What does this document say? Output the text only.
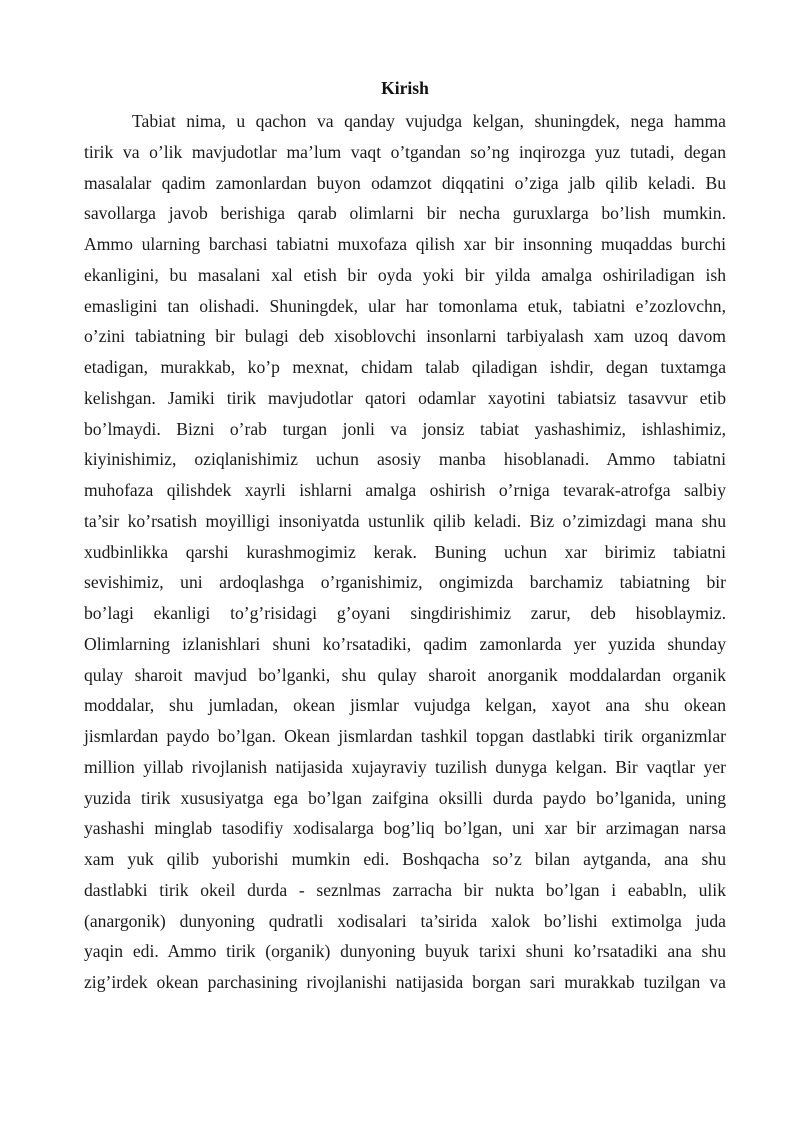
Kirish
Tabiat nima, u qachon va qanday vujudga kelgan, shuningdek, nega hamma
tirik va o’lik mavjudotlar ma’lum vaqt o’tgandan so’ng inqirozga yuz tutadi, degan
masalalar qadim zamonlardan buyon odamzot diqqatini o’ziga jalb qilib keladi. Bu
savollarga javob berishiga qarab olimlarni bir necha guruxlarga bo’lish mumkin.
Ammo ularning barchasi tabiatni muxofaza qilish xar bir insonning muqaddas burchi
ekanligini, bu masalani xal etish bir oyda yoki bir yilda amalga oshiriladigan ish
emasligini tan olishadi. Shuningdek, ular har tomonlama etuk, tabiatni e’zozlovchn,
o’zini tabiatning bir bulagi deb xisoblovchi insonlarni tarbiyalash xam uzoq davom
etadigan, murakkab, ko’p mexnat, chidam talab qiladigan ishdir, degan tuxtamga
kelishgan. Jamiki tirik mavjudotlar qatori odamlar xayotini tabiatsiz tasavvur etib
bo’lmaydi. Bizni o’rab turgan jonli va jonsiz tabiat yashashimiz, ishlashimiz,
kiyinishimiz, oziqlanishimiz uchun asosiy manba hisoblanadi. Ammo tabiatni
muhofaza qilishdek xayrli ishlarni amalga oshirish o’rniga tevarak-atrofga salbiy
ta’sir ko’rsatish moyilligi insoniyatda ustunlik qilib keladi. Biz o’zimizdagi mana shu
xudbinlikka qarshi kurashmogimiz kerak. Buning uchun xar birimiz tabiatni
sevishimiz, uni ardoqlashga o’rganishimiz, ongimizda barchamiz tabiatning bir
bo’lagi ekanligi to’g’risidagi g’oyani singdirishimiz zarur, deb hisoblaymiz.
Olimlarning izlanishlari shuni ko’rsatadiki, qadim zamonlarda yer yuzida shunday
qulay sharoit mavjud bo’lganki, shu qulay sharoit anorganik moddalardan organik
moddalar, shu jumladan, okean jismlar vujudga kelgan, xayot ana shu okean
jismlardan paydo bo’lgan. Okean jismlardan tashkil topgan dastlabki tirik organizmlar
million yillab rivojlanish natijasida xujayraviy tuzilish dunyga kelgan. Bir vaqtlar yer
yuzida tirik xususiyatga ega bo’lgan zaifgina oksilli durda paydo bo’lganida, uning
yashashi minglab tasodifiy xodisalarga bog’liq bo’lgan, uni xar bir arzimagan narsa
xam yuk qilib yuborishi mumkin edi. Boshqacha so’z bilan aytganda, ana shu
dastlabki tirik okeil durda - seznlmas zarracha bir nukta bo’lgan i eababln, ulik
(anargonik) dunyoning qudratli xodisalari ta’sirida xalok bo’lishi extimolga juda
yaqin edi. Ammo tirik (organik) dunyoning buyuk tarixi shuni ko’rsatadiki ana shu
zig’irdek okean parchasining rivojlanishi natijasida borgan sari murakkab tuzilgan va
